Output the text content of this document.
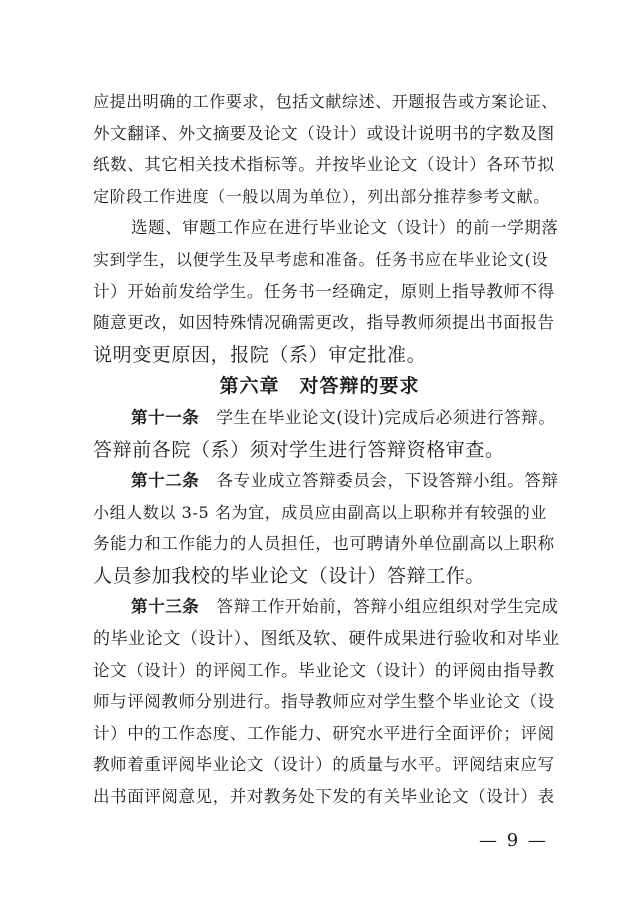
应提出明确的工作要求，包括文献综述、开题报告或方案论证、
外文翻译、外文摘要及论文（设计）或设计说明书的字数及图
纸数、其它相关技术指标等。并按毕业论文（设计）各环节拟
定阶段工作进度（一般以周为单位），列出部分推荐参考文献。
选题、审题工作应在进行毕业论文（设计）的前一学期落
实到学生，以便学生及早考虑和准备。任务书应在毕业论文(设
计）开始前发给学生。任务书一经确定，原则上指导教师不得
随意更改，如因特殊情况确需更改，指导教师须提出书面报告
说明变更原因，报院（系）审定批准。
第六章　对答辩的要求
第十一条　 学生在毕业论文(设计)完成后必须进行答辩。
答辩前各院（系）须对学生进行答辩资格审查。
第十二条　 各专业成立答辩委员会，下设答辩小组。答辩
小组人数以 3-5 名为宜，成员应由副高以上职称并有较强的业
务能力和工作能力的人员担任，也可聘请外单位副高以上职称
人员参加我校的毕业论文（设计）答辩工作。
第十三条　 答辩工作开始前，答辩小组应组织对学生完成
的毕业论文（设计）、图纸及软、硬件成果进行验收和对毕业
论文（设计）的评阅工作。毕业论文（设计）的评阅由指导教
师与评阅教师分别进行。指导教师应对学生整个毕业论文（设
计）中的工作态度、工作能力、研究水平进行全面评价；评阅
教师着重评阅毕业论文（设计）的质量与水平。评阅结束应写
出书面评阅意见，并对教务处下发的有关毕业论文（设计）表
— 9 —
